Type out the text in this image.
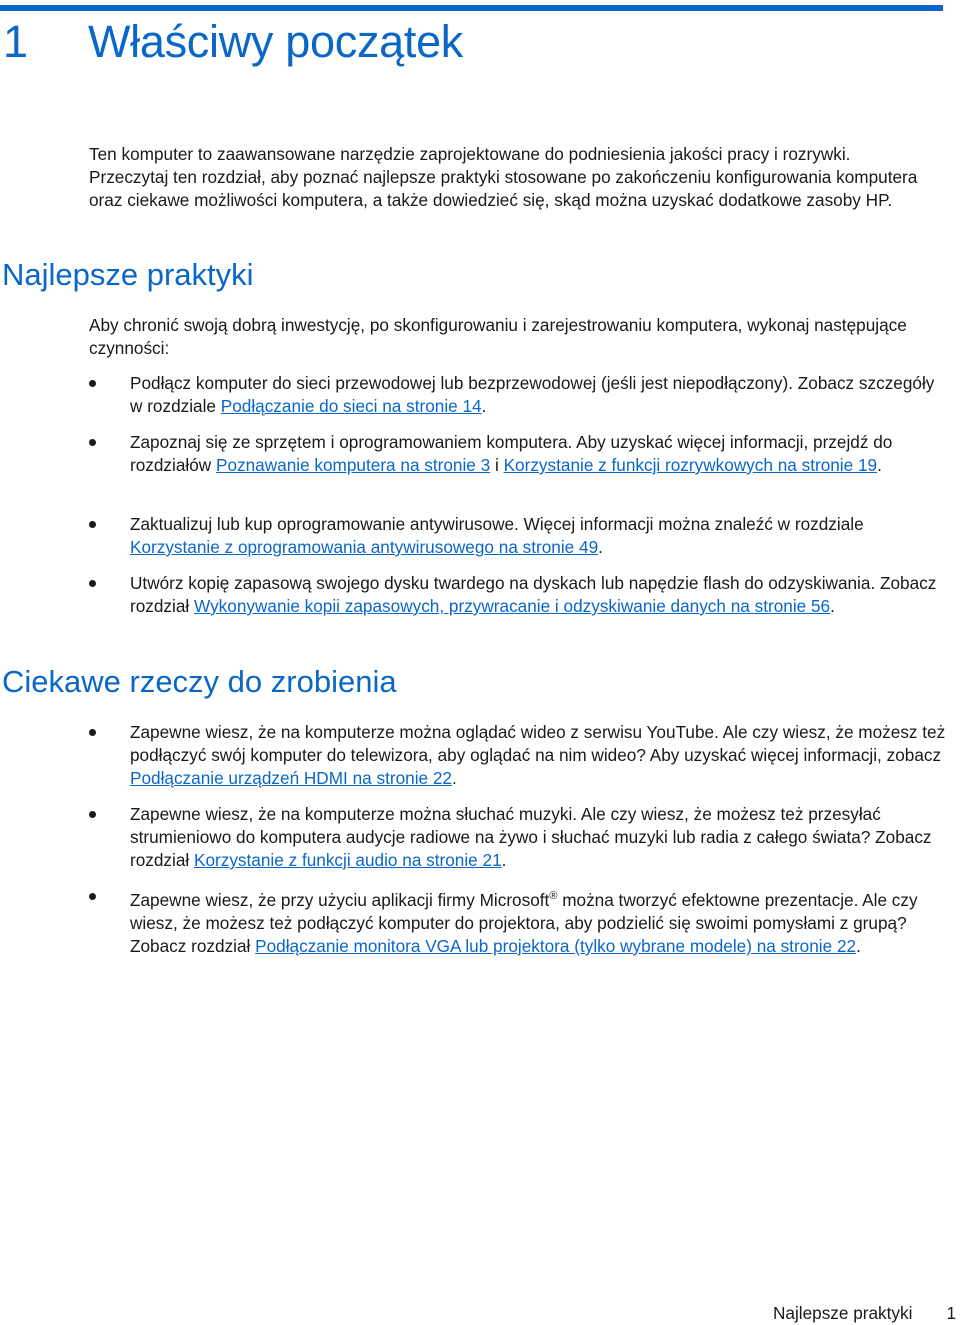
1 Właściwy początek

Ten komputer to zaawansowane narzędzie zaprojektowane do podniesienia jakości pracy i rozrywki. Przeczytaj ten rozdział, aby poznać najlepsze praktyki stosowane po zakończeniu konfigurowania komputera oraz ciekawe możliwości komputera, a także dowiedzieć się, skąd można uzyskać dodatkowe zasoby HP.

Najlepsze praktyki

Aby chronić swoją dobrą inwestycję, po skonfigurowaniu i zarejestrowaniu komputera, wykonaj następujące czynności:

Podłącz komputer do sieci przewodowej lub bezprzewodowej (jeśli jest niepodłączony). Zobacz szczegóły w rozdziale Podłączanie do sieci na stronie 14.
Zapoznaj się ze sprzętem i oprogramowaniem komputera. Aby uzyskać więcej informacji, przejdź do rozdziałów Poznawanie komputera na stronie 3 i Korzystanie z funkcji rozrywkowych na stronie 19.
Zaktualizuj lub kup oprogramowanie antywirusowe. Więcej informacji można znaleźć w rozdziale Korzystanie z oprogramowania antywirusowego na stronie 49.
Utwórz kopię zapasową swojego dysku twardego na dyskach lub napędzie flash do odzyskiwania. Zobacz rozdział Wykonywanie kopii zapasowych, przywracanie i odzyskiwanie danych na stronie 56.
Ciekawe rzeczy do zrobienia
Zapewne wiesz, że na komputerze można oglądać wideo z serwisu YouTube. Ale czy wiesz, że możesz też podłączyć swój komputer do telewizora, aby oglądać na nim wideo? Aby uzyskać więcej informacji, zobacz Podłączanie urządzeń HDMI na stronie 22.
Zapewne wiesz, że na komputerze można słuchać muzyki. Ale czy wiesz, że możesz też przesyłać strumieniowo do komputera audycje radiowe na żywo i słuchać muzyki lub radia z całego świata? Zobacz rozdział Korzystanie z funkcji audio na stronie 21.
Zapewne wiesz, że przy użyciu aplikacji firmy Microsoft® można tworzyć efektowne prezentacje. Ale czy wiesz, że możesz też podłączyć komputer do projektora, aby podzielić się swoimi pomysłami z grupą? Zobacz rozdział Podłączanie monitora VGA lub projektora (tylko wybrane modele) na stronie 22.
Najlepsze praktyki 1
